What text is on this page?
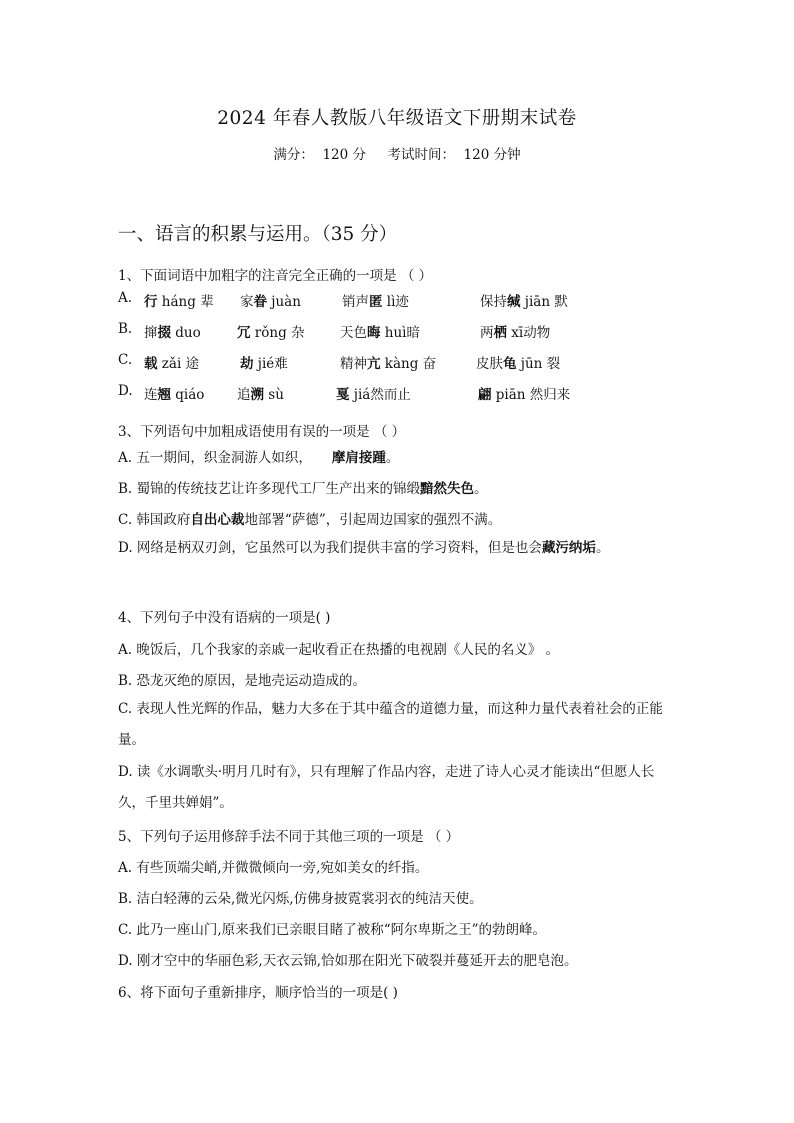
2024 年春人教版八年级语文下册期末试卷
满分：  120 分     考试时间：  120 分钟
一、语言的积累与运用。（35 分）
1、下面词语中加粗字的注音完全正确的一项是 （ ）
A. 行 háng 辈 家眷 juàn	销声匿 lì迹	保持缄 jiān 默
B. 撺掇 duo	冗 rǒng 杂	天色晦 huì暗	两栖 xī动物
C. 载 zǎi 途	劫 jié难	精神亢 kàng 奋	皮肤龟 jūn 裂
D. 连翘 qiáo 追溯 sù	戛 jiá然而止	翩 piān 然归来
3、下列语句中加粗成语使用有误的一项是 （ ）
A. 五一期间，织金洞游人如织， 摩肩接踵。
B. 蜀锦的传统技艺让许多现代工厂生产出来的锦缎黯然失色。
C. 韩国政府自出心裁地部署“萨德”，引起周边国家的强烈不满。
D. 网络是柄双刃剑，它虽然可以为我们提供丰富的学习资料，但是也会藏污纳垢。
4、下列句子中没有语病的一项是( )
A. 晚饭后，几个我家的亲戚一起收看正在热播的电视剧《人民的名义》 。
B. 恐龙灭绝的原因，是地壳运动造成的。
C. 表现人性光辉的作品，魅力大多在于其中蕴含的道德力量，而这种力量代表着社会的正能量。
D. 读《水调歌头·明月几时有》，只有理解了作品内容，走进了诗人心灵才能读出“但愿人长久，千里共婵娟”。
5、下列句子运用修辞手法不同于其他三项的一项是 （ ）
A. 有些顶端尖峭,并微微倾向一旁,宛如美女的纤指。
B. 洁白轻薄的云朵,微光闪烁,仿佛身披霓裳羽衣的纯洁天使。
C. 此乃一座山门,原来我们已亲眼目睹了被称“阿尔卑斯之王”的勃朗峰。
D. 刚才空中的华丽色彩,天衣云锦,恰如那在阳光下破裂并蔓延开去的肥皂泡。
6、将下面句子重新排序，顺序恰当的一项是( )
